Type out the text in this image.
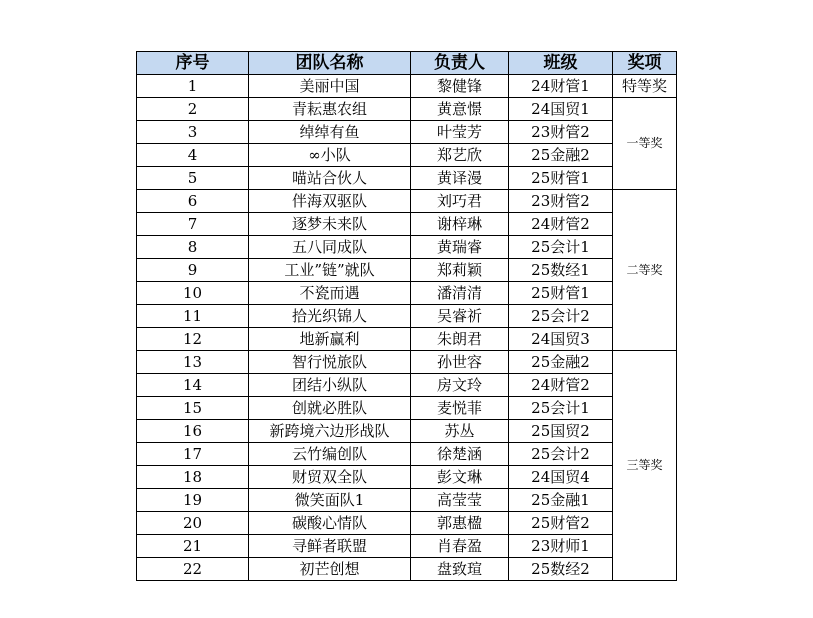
序号	团队名称	负责人	班级	奖项
1	美丽中国	黎健锋	24财管1	特等奖
2	青耘惠农组	黄意憬	24国贸1	一等奖
3	绰绰有鱼	叶莹芳	23财管2	
4	∞小队	郑艺欣	25金融2	
5	喵站合伙人	黄译漫	25财管1	
6	伴海双驱队	刘巧君	23财管2	二等奖
7	逐梦未来队	谢梓琳	24财管2	
8	五八同成队	黄瑞睿	25会计1	
9	工业”链”就队	郑莉颖	25数经1	
10	不瓷而遇	潘清清	25财管1	
11	拾光织锦人	吴睿祈	25会计2	
12	地新赢利	朱朗君	24国贸3	
13	智行悦旅队	孙世容	25金融2	三等奖
14	团结小纵队	房文玲	24财管2	
15	创就必胜队	麦悦菲	25会计1	
16	新跨境六边形战队	苏丛	25国贸2	
17	云竹编创队	徐楚涵	25会计2	
18	财贸双全队	彭文琳	24国贸4	
19	微笑面队1	高莹莹	25金融1	
20	碳酸心情队	郭惠楹	25财管2	
21	寻鲜者联盟	肖春盈	23财师1	
22	初芒创想	盘致瑄	25数经2	
